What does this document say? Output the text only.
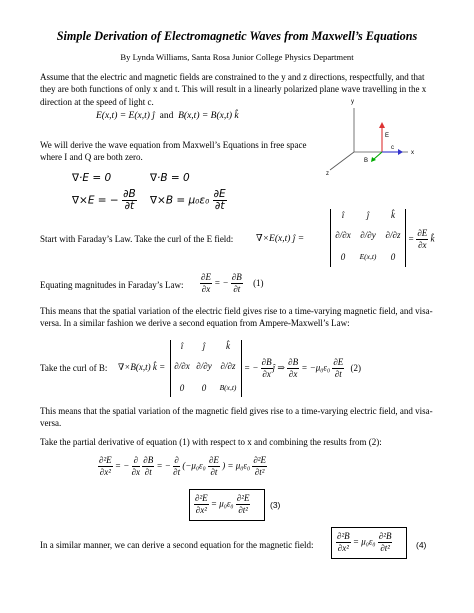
Simple Derivation of Electromagnetic Waves from Maxwell’s Equations
By Lynda Williams, Santa Rosa Junior College Physics Department
Assume that the electric and magnetic fields are constrained to the y and z directions, respectfully, and that they are both functions of only x and t. This will result in a linearly polarized plane wave travelling in the x direction at the speed of light c.
E(x,t) = E(x,t) ĵ and B(x,t) = B(x,t) k̂
y
x
z
E
B
c
We will derive the wave equation from Maxwell’s Equations in free space where I and Q are both zero.
∇·E = 0	∇·B = 0
∇×E = − $\frac{\partial B}{\partial t} \nabla\times B = \mu_0\varepsilon_0 \frac{\partial E}{\partial t}$
Start with Faraday’s Law. Take the curl of the E field: ∇×E(x,t) ĵ =
î	ĵ	k̂
∂/∂x	∂/∂y	∂/∂z
0	E(x,t)	0
= $\frac{\partial E}{\partial x}$ k̂
Equating magnitudes in Faraday’s Law: $\frac{\partial E}{\partial x}$ = − $\frac{\partial B}{\partial t} (1)$
This means that the spatial variation of the electric field gives rise to a time-varying magnetic field, and visa-versa. In a similar fashion we derive a second equation from Ampere-Maxwell’s Law:
Take the curl of B: ∇×B(x,t) k̂ =
î	ĵ	k̂
∂/∂x ∂/∂y ∂/∂z
0	0	B(x,t)
= − $\frac{\partial B}{\partial x}$ ĵ ⇒ $\frac{\partial B}{\partial x} = -\mu_0\varepsilon_0 \frac{\partial E}{\partial t} (2)$
This means that the spatial variation of the magnetic field gives rise to a time-varying electric field, and visa-versa.
Take the partial derivative of equation (1) with respect to x and combining the results from (2):
$\frac{\text{∂²E}}{\text{∂x²}}$ = − $\frac{\partial}{\partial x}$
$\frac{\partial B}{\partial t}$ = − $\frac{\partial}{\partial t} (-\mu_0\varepsilon_0 \frac{\partial E}{\partial t}$ ) = $\mu_0\varepsilon_0 \frac{\text{∂²E}}{\text{∂t²}}$
$\frac{\text{∂²E}}{\text{∂x²}} = \mu_0\varepsilon_0 \frac{\text{∂²E}}{\text{∂t²}} (3)$
In a similar manner, we can derive a second equation for the magnetic field: $\frac{\text{∂²B}}{\text{∂x²}} = \mu_0\varepsilon_0 \frac{\text{∂²B}}{\text{∂t²}}$	(4)
